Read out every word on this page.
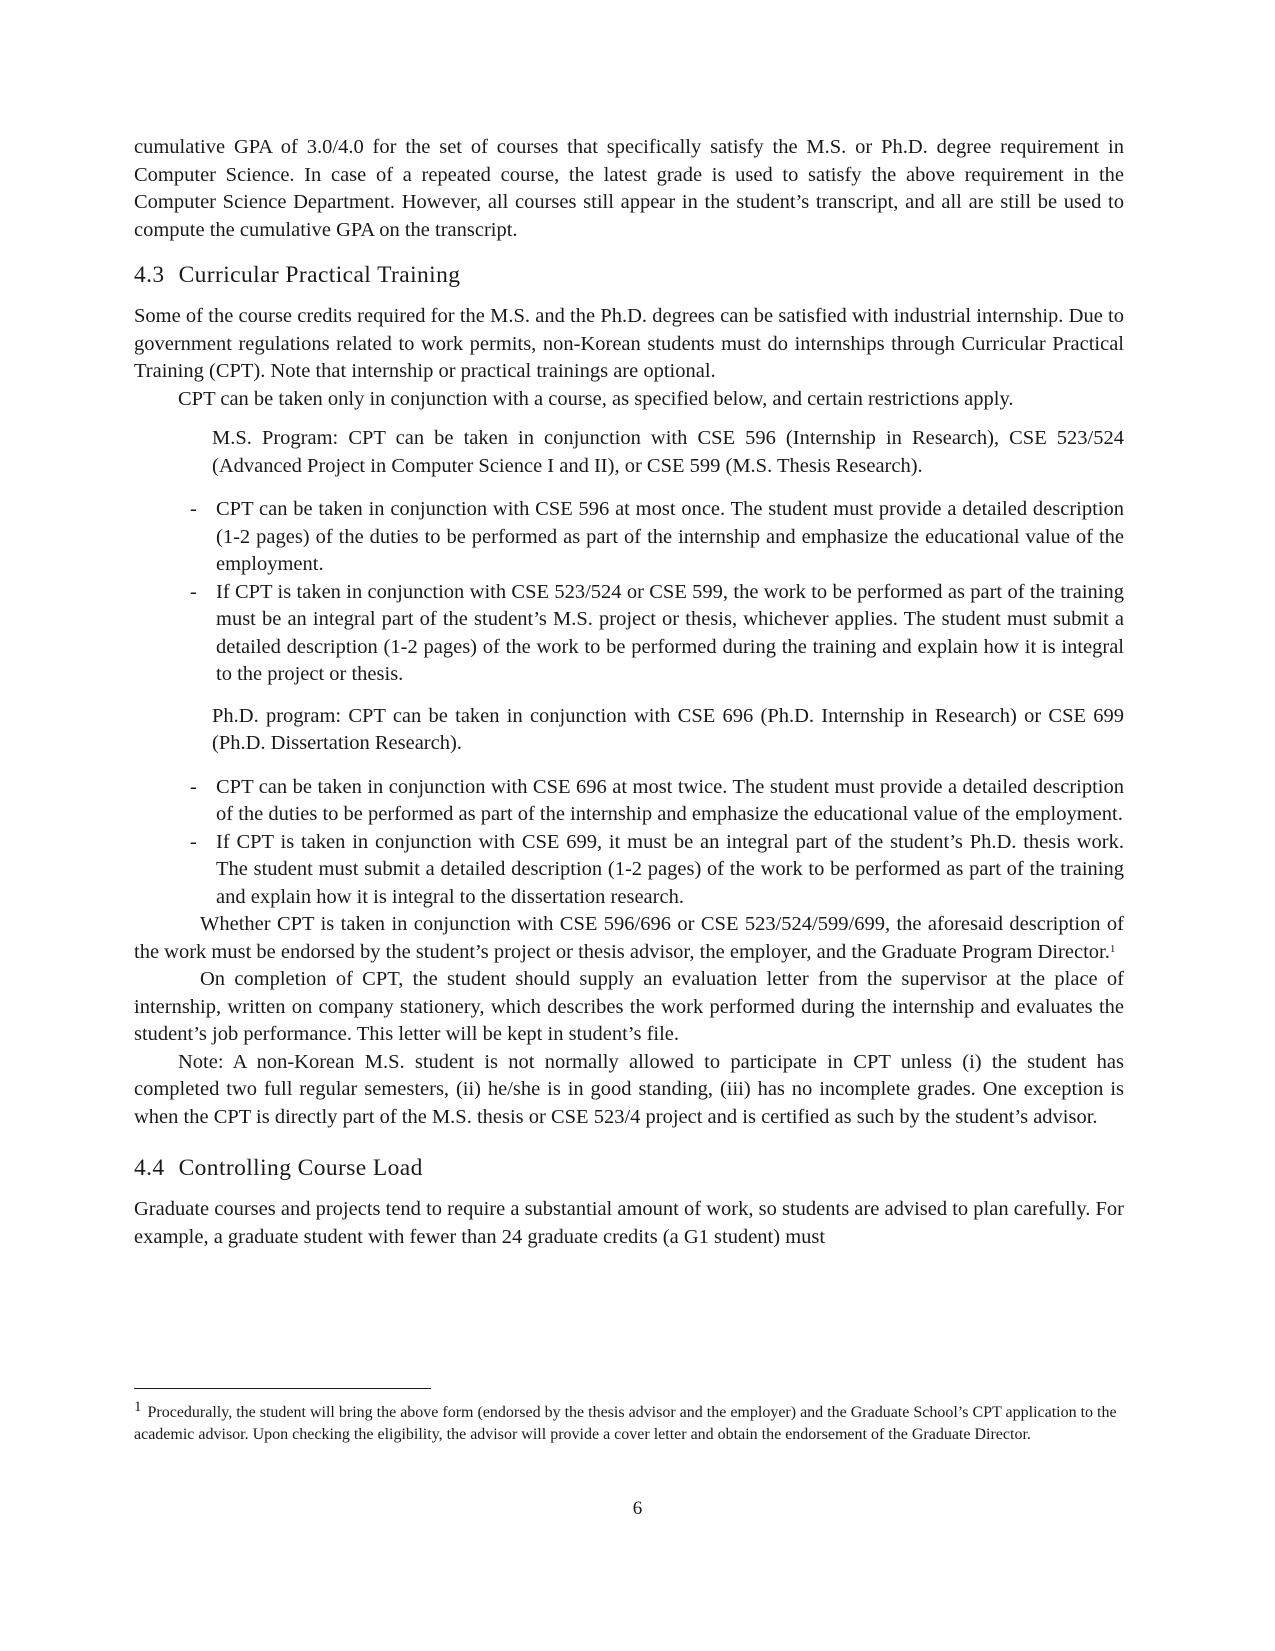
cumulative GPA of 3.0/4.0 for the set of courses that specifically satisfy the M.S. or Ph.D. degree requirement in Computer Science. In case of a repeated course, the latest grade is used to satisfy the above requirement in the Computer Science Department. However, all courses still appear in the student’s transcript, and all are still be used to compute the cumulative GPA on the transcript.

4.3 Curricular Practical Training

Some of the course credits required for the M.S. and the Ph.D. degrees can be satisfied with industrial internship. Due to government regulations related to work permits, non-Korean students must do internships through Curricular Practical Training (CPT). Note that internship or practical trainings are optional.

CPT can be taken only in conjunction with a course, as specified below, and certain restrictions apply.

M.S. Program: CPT can be taken in conjunction with CSE 596 (Internship in Research), CSE 523/524 (Advanced Project in Computer Science I and II), or CSE 599 (M.S. Thesis Research).

- CPT can be taken in conjunction with CSE 596 at most once. The student must provide a detailed description (1-2 pages) of the duties to be performed as part of the internship and emphasize the educational value of the employment.
- If CPT is taken in conjunction with CSE 523/524 or CSE 599, the work to be performed as part of the training must be an integral part of the student’s M.S. project or thesis, whichever applies. The student must submit a detailed description (1-2 pages) of the work to be performed during the training and explain how it is integral to the project or thesis.

Ph.D. program: CPT can be taken in conjunction with CSE 696 (Ph.D. Internship in Research) or CSE 699 (Ph.D. Dissertation Research).

- CPT can be taken in conjunction with CSE 696 at most twice. The student must provide a detailed description of the duties to be performed as part of the internship and emphasize the educational value of the employment.
- If CPT is taken in conjunction with CSE 699, it must be an integral part of the student’s Ph.D. thesis work. The student must submit a detailed description (1-2 pages) of the work to be performed as part of the training and explain how it is integral to the dissertation research.

Whether CPT is taken in conjunction with CSE 596/696 or CSE 523/524/599/699, the aforesaid description of the work must be endorsed by the student’s project or thesis advisor, the employer, and the Graduate Program Director.$^1$

On completion of CPT, the student should supply an evaluation letter from the supervisor at the place of internship, written on company stationery, which describes the work performed during the internship and evaluates the student’s job performance. This letter will be kept in student’s file.

Note: A non-Korean M.S. student is not normally allowed to participate in CPT unless (i) the student has completed two full regular semesters, (ii) he/she is in good standing, (iii) has no incomplete grades. One exception is when the CPT is directly part of the M.S. thesis or CSE 523/4 project and is certified as such by the student’s advisor.

4.4 Controlling Course Load

Graduate courses and projects tend to require a substantial amount of work, so students are advised to plan carefully. For example, a graduate student with fewer than 24 graduate credits (a G1 student) must

1 Procedurally, the student will bring the above form (endorsed by the thesis advisor and the employer) and the Graduate School’s CPT application to the academic advisor. Upon checking the eligibility, the advisor will provide a cover letter and obtain the endorsement of the Graduate Director.
6
